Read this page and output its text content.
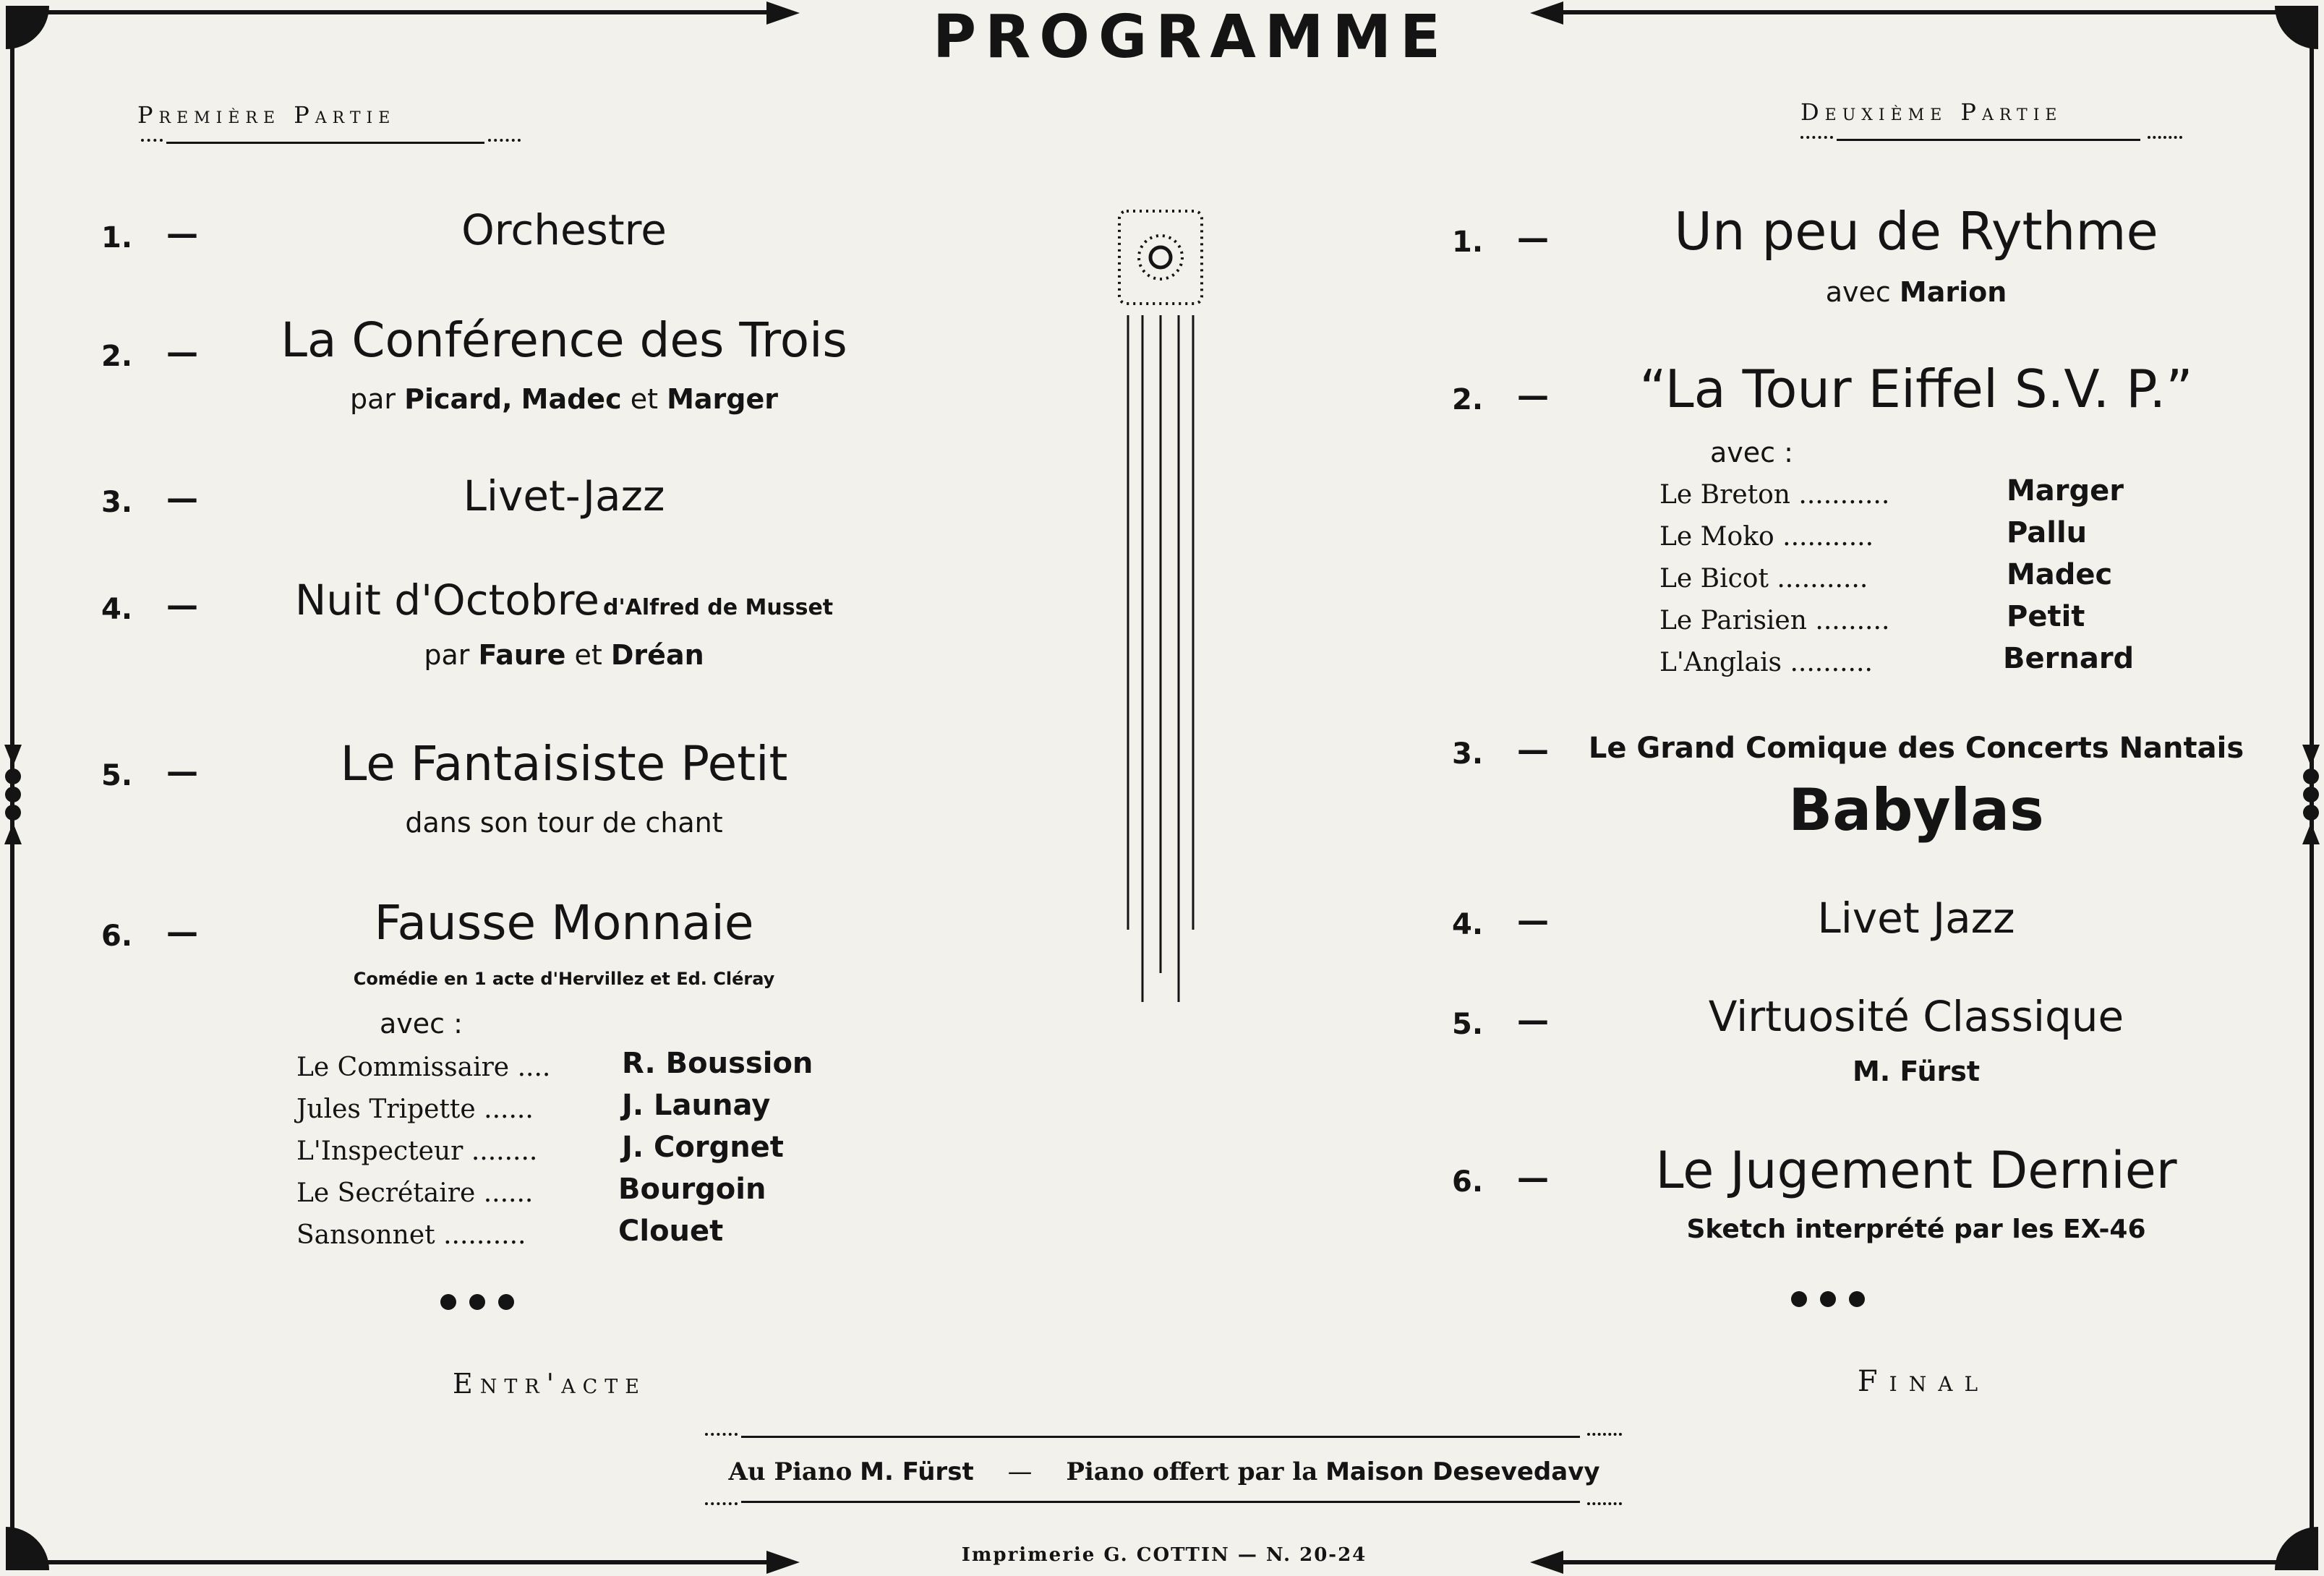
PROGRAMME
Première Partie
1. —	Orchestre
2. —	La Conférence des Trois
par Picard, Madec et Marger
3. —	Livet-Jazz
4. —	Nuit d'Octobre d'Alfred de Musset
par Faure et Dréan
5. —	Le Fantaisiste Petit
dans son tour de chant
6. —	Fausse Monnaie
Comédie en 1 acte d'Hervillez et Ed. Cléray
avec :
Le Commissaire .... R. Boussion
Jules Tripette ......	J. Launay
L'Inspecteur ........	J. Corgnet
Le Secrétaire ......	Bourgoin
Sansonnet ..........	Clouet
Entr'acte
Deuxième Partie
1. —	Un peu de Rythme
avec Marion
2. —	“La Tour Eiffel S.V. P.”
avec :
Le Breton ...........	Marger
Le Moko ...........	Pallu
Le Bicot ...........	Madec
Le Parisien .........	Petit
L'Anglais ..........	Bernard
3. —	Le Grand Comique des Concerts Nantais
Babylas
4. —	Livet Jazz
5. —	Virtuosité Classique
M. Fürst
6. —	Le Jugement Dernier
Sketch interprété par les EX-46
Final
Au Piano M. Fürst — Piano offert par la Maison Desevedavy
Imprimerie G. COTTIN — N. 20-24
